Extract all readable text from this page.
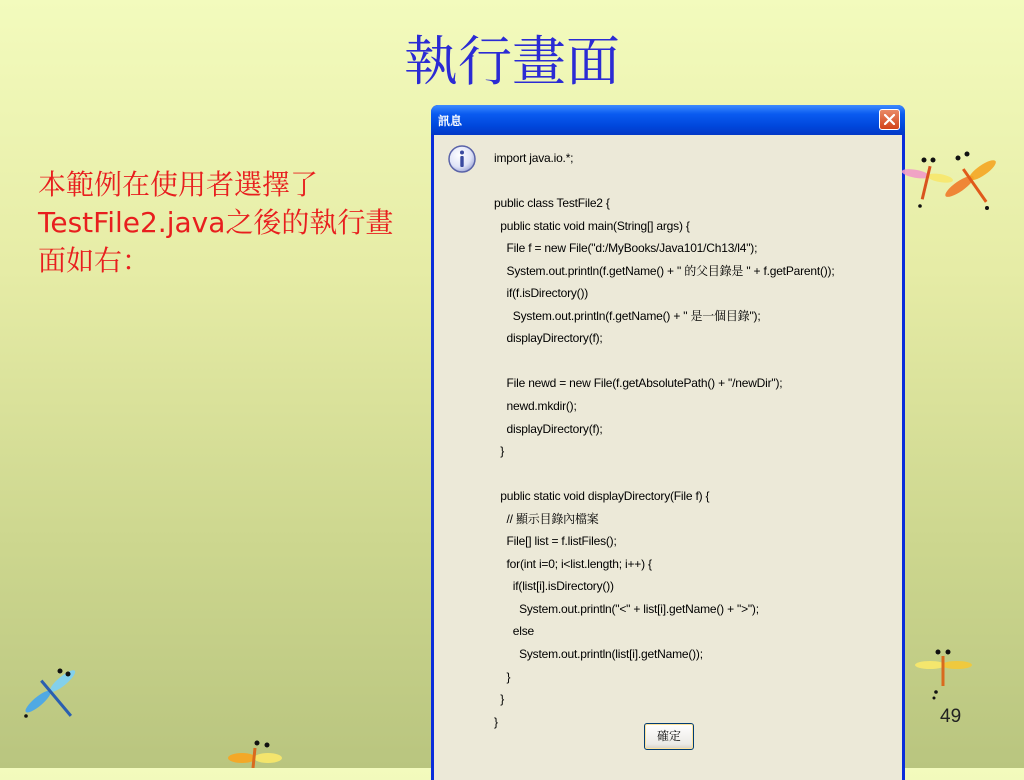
執行畫面
本範例在使用者選擇了TestFile2.java之後的執行畫面如右：
49
訊息
import java.io.*;
public class TestFile2 {
public static void main(String[] args) {
File f = new File("d:/MyBooks/Java101/Ch13/l4");
System.out.println(f.getName() + " 的父目錄是 " + f.getParent());
if(f.isDirectory())
System.out.println(f.getName() + " 是一個目錄");
displayDirectory(f);
File newd = new File(f.getAbsolutePath() + "/newDir");
newd.mkdir();
displayDirectory(f);
}
public static void displayDirectory(File f) {
// 顯示目錄內檔案
File[] list = f.listFiles();
for(int i=0; i<list.length; i++) {
if(list[i].isDirectory())
System.out.println("<" + list[i].getName() + ">");
else
System.out.println(list[i].getName());
}
}
}
確定
